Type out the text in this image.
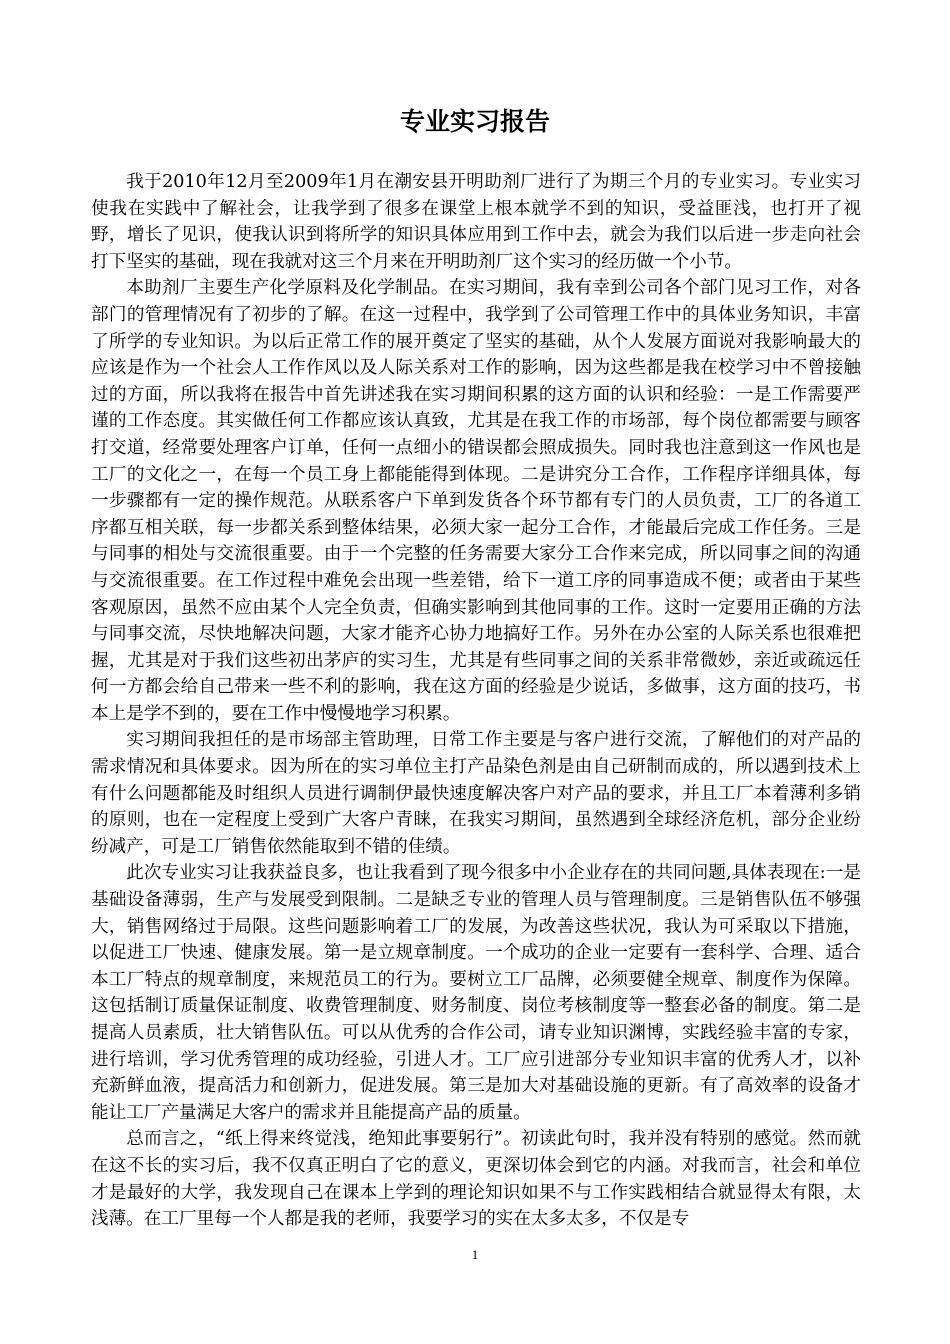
专业实习报告

我于2010年12月至2009年1月在潮安县开明助剂厂进行了为期三个月的专业实习。专业实习使我在实践中了解社会，让我学到了很多在课堂上根本就学不到的知识，受益匪浅，也打开了视野，增长了见识，使我认识到将所学的知识具体应用到工作中去，就会为我们以后进一步走向社会打下坚实的基础，现在我就对这三个月来在开明助剂厂这个实习的经历做一个小节。

本助剂厂主要生产化学原料及化学制品。在实习期间，我有幸到公司各个部门见习工作，对各部门的管理情况有了初步的了解。在这一过程中，我学到了公司管理工作中的具体业务知识，丰富了所学的专业知识。为以后正常工作的展开奠定了坚实的基础，从个人发展方面说对我影响最大的应该是作为一个社会人工作作风以及人际关系对工作的影响，因为这些都是我在校学习中不曾接触过的方面，所以我将在报告中首先讲述我在实习期间积累的这方面的认识和经验：一是工作需要严谨的工作态度。其实做任何工作都应该认真致，尤其是在我工作的市场部，每个岗位都需要与顾客打交道，经常要处理客户订单，任何一点细小的错误都会照成损失。同时我也注意到这一作风也是工厂的文化之一，在每一个员工身上都能能得到体现。二是讲究分工合作，工作程序详细具体，每一步骤都有一定的操作规范。从联系客户下单到发货各个环节都有专门的人员负责，工厂的各道工序都互相关联，每一步都关系到整体结果，必须大家一起分工合作，才能最后完成工作任务。三是与同事的相处与交流很重要。由于一个完整的任务需要大家分工合作来完成，所以同事之间的沟通与交流很重要。在工作过程中难免会出现一些差错，给下一道工序的同事造成不便；或者由于某些客观原因，虽然不应由某个人完全负责，但确实影响到其他同事的工作。这时一定要用正确的方法与同事交流，尽快地解决问题，大家才能齐心协力地搞好工作。另外在办公室的人际关系也很难把握，尤其是对于我们这些初出茅庐的实习生，尤其是有些同事之间的关系非常微妙，亲近或疏远任何一方都会给自己带来一些不利的影响，我在这方面的经验是少说话，多做事，这方面的技巧，书本上是学不到的，要在工作中慢慢地学习积累。

实习期间我担任的是市场部主管助理，日常工作主要是与客户进行交流，了解他们的对产品的需求情况和具体要求。因为所在的实习单位主打产品染色剂是由自己研制而成的，所以遇到技术上有什么问题都能及时组织人员进行调制伊最快速度解决客户对产品的要求，并且工厂本着薄利多销的原则，也在一定程度上受到广大客户青睐，在我实习期间，虽然遇到全球经济危机，部分企业纷纷减产，可是工厂销售依然能取到不错的佳绩。

此次专业实习让我获益良多，也让我看到了现今很多中小企业存在的共同问题,具体表现在:一是基础设备薄弱，生产与发展受到限制。二是缺乏专业的管理人员与管理制度。三是销售队伍不够强大，销售网络过于局限。这些问题影响着工厂的发展，为改善这些状况，我认为可采取以下措施，以促进工厂快速、健康发展。第一是立规章制度。一个成功的企业一定要有一套科学、合理、适合本工厂特点的规章制度，来规范员工的行为。要树立工厂品牌，必须要健全规章、制度作为保障。这包括制订质量保证制度、收费管理制度、财务制度、岗位考核制度等一整套必备的制度。第二是提高人员素质，壮大销售队伍。可以从优秀的合作公司，请专业知识渊博，实践经验丰富的专家，进行培训，学习优秀管理的成功经验，引进人才。工厂应引进部分专业知识丰富的优秀人才，以补充新鲜血液，提高活力和创新力，促进发展。第三是加大对基础设施的更新。有了高效率的设备才能让工厂产量满足大客户的需求并且能提高产品的质量。

总而言之，“纸上得来终觉浅，绝知此事要躬行”。初读此句时，我并没有特别的感觉。然而就在这不长的实习后，我不仅真正明白了它的意义，更深切体会到它的内涵。对我而言，社会和单位才是最好的大学，我发现自己在课本上学到的理论知识如果不与工作实践相结合就显得太有限，太浅薄。在工厂里每一个人都是我的老师，我要学习的实在太多太多，不仅是专

1
